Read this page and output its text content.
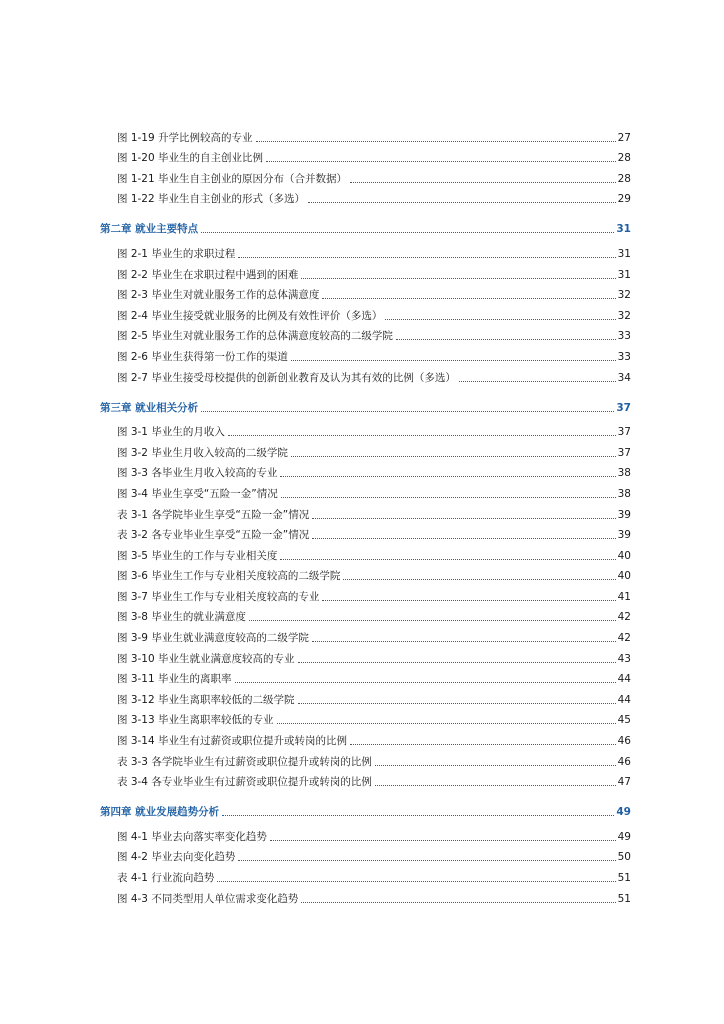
图 1-19 升学比例较高的专业	27
图 1-20 毕业生的自主创业比例	28
图 1-21 毕业生自主创业的原因分布（合并数据）	28
图 1-22 毕业生自主创业的形式（多选）	29
第二章 就业主要特点	31
图 2-1 毕业生的求职过程	31
图 2-2 毕业生在求职过程中遇到的困难	31
图 2-3 毕业生对就业服务工作的总体满意度	32
图 2-4 毕业生接受就业服务的比例及有效性评价（多选）	32
图 2-5 毕业生对就业服务工作的总体满意度较高的二级学院	33
图 2-6 毕业生获得第一份工作的渠道	33
图 2-7 毕业生接受母校提供的创新创业教育及认为其有效的比例（多选）	34
第三章 就业相关分析	37
图 3-1 毕业生的月收入	37
图 3-2 毕业生月收入较高的二级学院	37
图 3-3 各毕业生月收入较高的专业	38
图 3-4 毕业生享受“五险一金”情况	38
表 3-1 各学院毕业生享受“五险一金”情况	39
表 3-2 各专业毕业生享受“五险一金”情况	39
图 3-5 毕业生的工作与专业相关度	40
图 3-6 毕业生工作与专业相关度较高的二级学院	40
图 3-7 毕业生工作与专业相关度较高的专业	41
图 3-8 毕业生的就业满意度	42
图 3-9 毕业生就业满意度较高的二级学院	42
图 3-10 毕业生就业满意度较高的专业	43
图 3-11 毕业生的离职率	44
图 3-12 毕业生离职率较低的二级学院	44
图 3-13 毕业生离职率较低的专业	45
图 3-14 毕业生有过薪资或职位提升或转岗的比例	46
表 3-3 各学院毕业生有过薪资或职位提升或转岗的比例	46
表 3-4 各专业毕业生有过薪资或职位提升或转岗的比例	47
第四章 就业发展趋势分析	49
图 4-1 毕业去向落实率变化趋势	49
图 4-2 毕业去向变化趋势	50
表 4-1 行业流向趋势	51
图 4-3 不同类型用人单位需求变化趋势	51
